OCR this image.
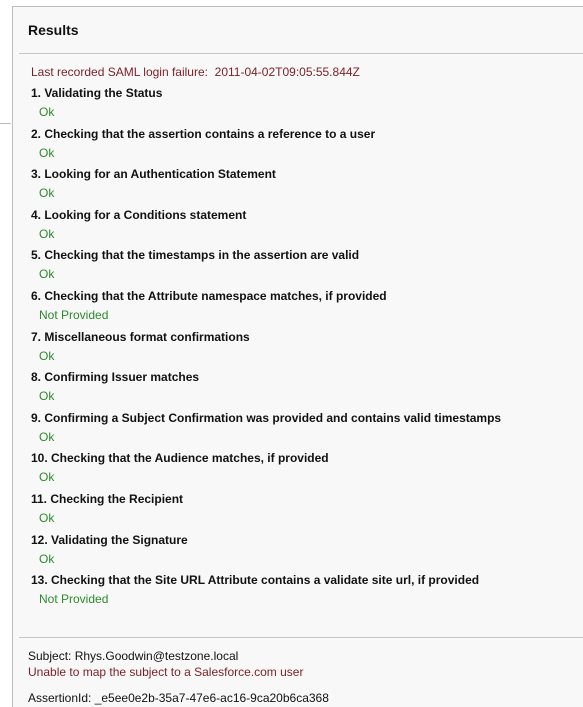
Results
Last recorded SAML login failure:  2011-04-02T09:05:55.844Z
1. Validating the Status
Ok
2. Checking that the assertion contains a reference to a user
Ok
3. Looking for an Authentication Statement
Ok
4. Looking for a Conditions statement
Ok
5. Checking that the timestamps in the assertion are valid
Ok
6. Checking that the Attribute namespace matches, if provided
Not Provided
7. Miscellaneous format confirmations
Ok
8. Confirming Issuer matches
Ok
9. Confirming a Subject Confirmation was provided and contains valid timestamps
Ok
10. Checking that the Audience matches, if provided
Ok
11. Checking the Recipient
Ok
12. Validating the Signature
Ok
13. Checking that the Site URL Attribute contains a validate site url, if provided
Not Provided
Subject: Rhys.Goodwin@testzone.local
Unable to map the subject to a Salesforce.com user
AssertionId: _e5ee0e2b-35a7-47e6-ac16-9ca20b6ca368
